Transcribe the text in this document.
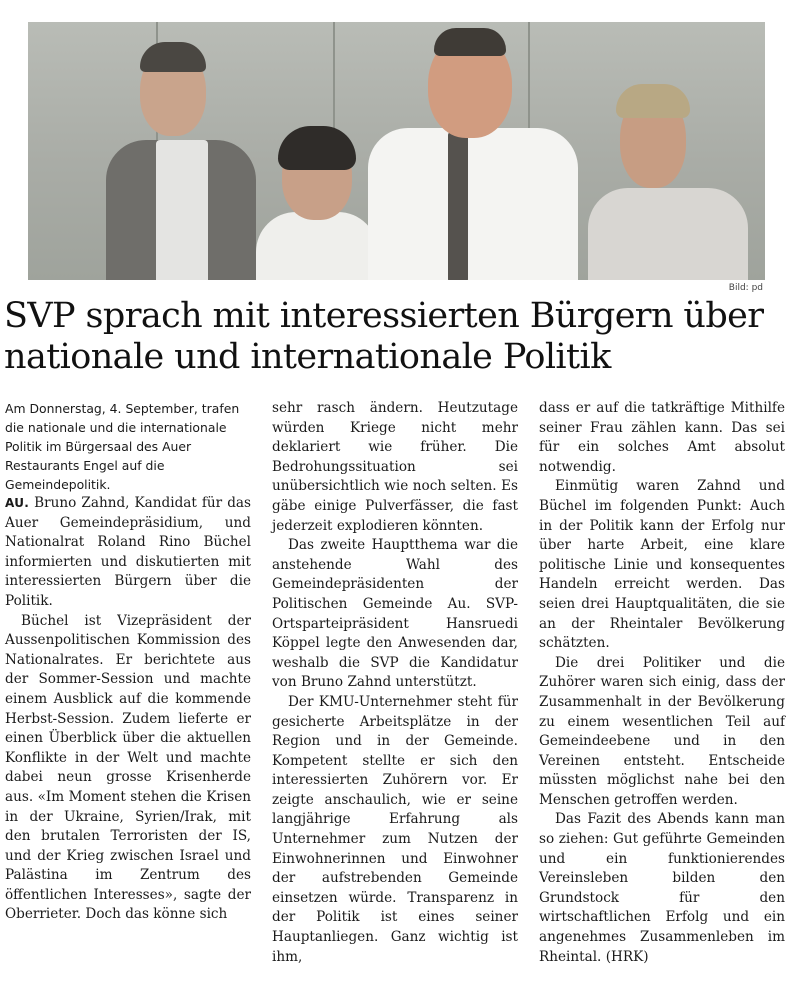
Bild: pd
SVP sprach mit interessierten Bürgern über nationale und internationale Politik

Am Donnerstag, 4. September, trafen die nationale und die internationale Politik im Bürgersaal des Auer Restaurants Engel auf die Gemeindepolitik.

AU. Bruno Zahnd, Kandidat für das Auer Gemeindepräsidium, und Nationalrat Roland Rino Büchel informierten und diskutierten mit interessierten Bürgern über die Politik.

Büchel ist Vizepräsident der Aussenpolitischen Kommission des Nationalrates. Er berichtete aus der Sommer-Session und machte einem Ausblick auf die kommende Herbst-Session. Zudem lieferte er einen Überblick über die aktuellen Konflikte in der Welt und machte dabei neun grosse Krisenherde aus. «Im Moment stehen die Krisen in der Ukraine, Syrien/Irak, mit den brutalen Terroristen der IS, und der Krieg zwischen Israel und Palästina im Zentrum des öffentlichen Interesses», sagte der Oberrieter. Doch das könne sich

sehr rasch ändern. Heutzutage würden Kriege nicht mehr deklariert wie früher. Die Bedrohungssituation sei unübersichtlich wie noch selten. Es gäbe einige Pulverfässer, die fast jederzeit explodieren könnten.

Das zweite Hauptthema war die anstehende Wahl des Gemeindepräsidenten der Politischen Gemeinde Au. SVP-Ortsparteipräsident Hansruedi Köppel legte den Anwesenden dar, weshalb die SVP die Kandidatur von Bruno Zahnd unterstützt.

Der KMU-Unternehmer steht für gesicherte Arbeitsplätze in der Region und in der Gemeinde. Kompetent stellte er sich den interessierten Zuhörern vor. Er zeigte anschaulich, wie er seine langjährige Erfahrung als Unternehmer zum Nutzen der Einwohnerinnen und Einwohner der aufstrebenden Gemeinde einsetzen würde. Transparenz in der Politik ist eines seiner Hauptanliegen. Ganz wichtig ist ihm,

dass er auf die tatkräftige Mithilfe seiner Frau zählen kann. Das sei für ein solches Amt absolut notwendig.

Einmütig waren Zahnd und Büchel im folgenden Punkt: Auch in der Politik kann der Erfolg nur über harte Arbeit, eine klare politische Linie und konsequentes Handeln erreicht werden. Das seien drei Hauptqualitäten, die sie an der Rheintaler Bevölkerung schätzten.

Die drei Politiker und die Zuhörer waren sich einig, dass der Zusammenhalt in der Bevölkerung zu einem wesentlichen Teil auf Gemeindeebene und in den Vereinen entsteht. Entscheide müssten möglichst nahe bei den Menschen getroffen werden.

Das Fazit des Abends kann man so ziehen: Gut geführte Gemeinden und ein funktionierendes Vereinsleben bilden den Grundstock für den wirtschaftlichen Erfolg und ein angenehmes Zusammenleben im Rheintal. (HRK)
